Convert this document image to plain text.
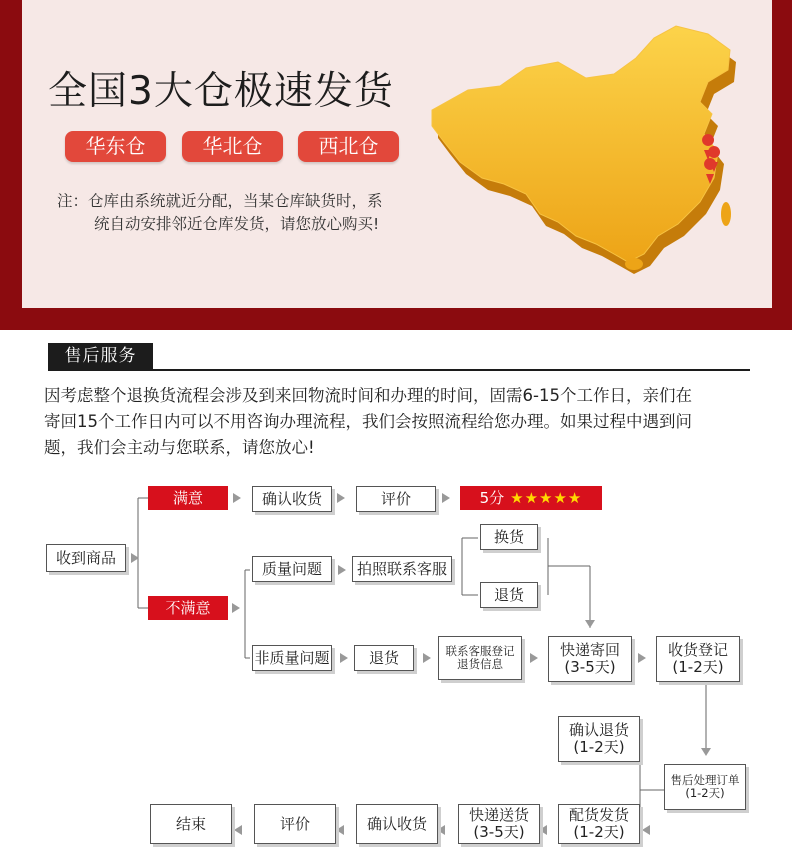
全国3大仓极速发货
华东仓	华北仓	西北仓
注：仓库由系统就近分配，当某仓库缺货时，系
统自动安排邻近仓库发货，请您放心购买!
售后服务
因考虑整个退换货流程会涉及到来回物流时间和办理的时间，固需6-15个工作日，亲们在
寄回15个工作日内可以不用咨询办理流程，我们会按照流程给您办理。如果过程中遇到问
题，我们会主动与您联系，请您放心!
收到商品
满意	确认收货	评价	5分 ★★★★★
不满意
质量问题	拍照联系客服
换货
退货
非质量问题	退货	联系客服登记
退货信息
快递寄回
(3-5天)
收货登记
(1-2天)
确认退货
(1-2天)
售后处理订单
(1-2天)
结束	评价	确认收货	快递送货
(3-5天)
配货发货
(1-2天)
